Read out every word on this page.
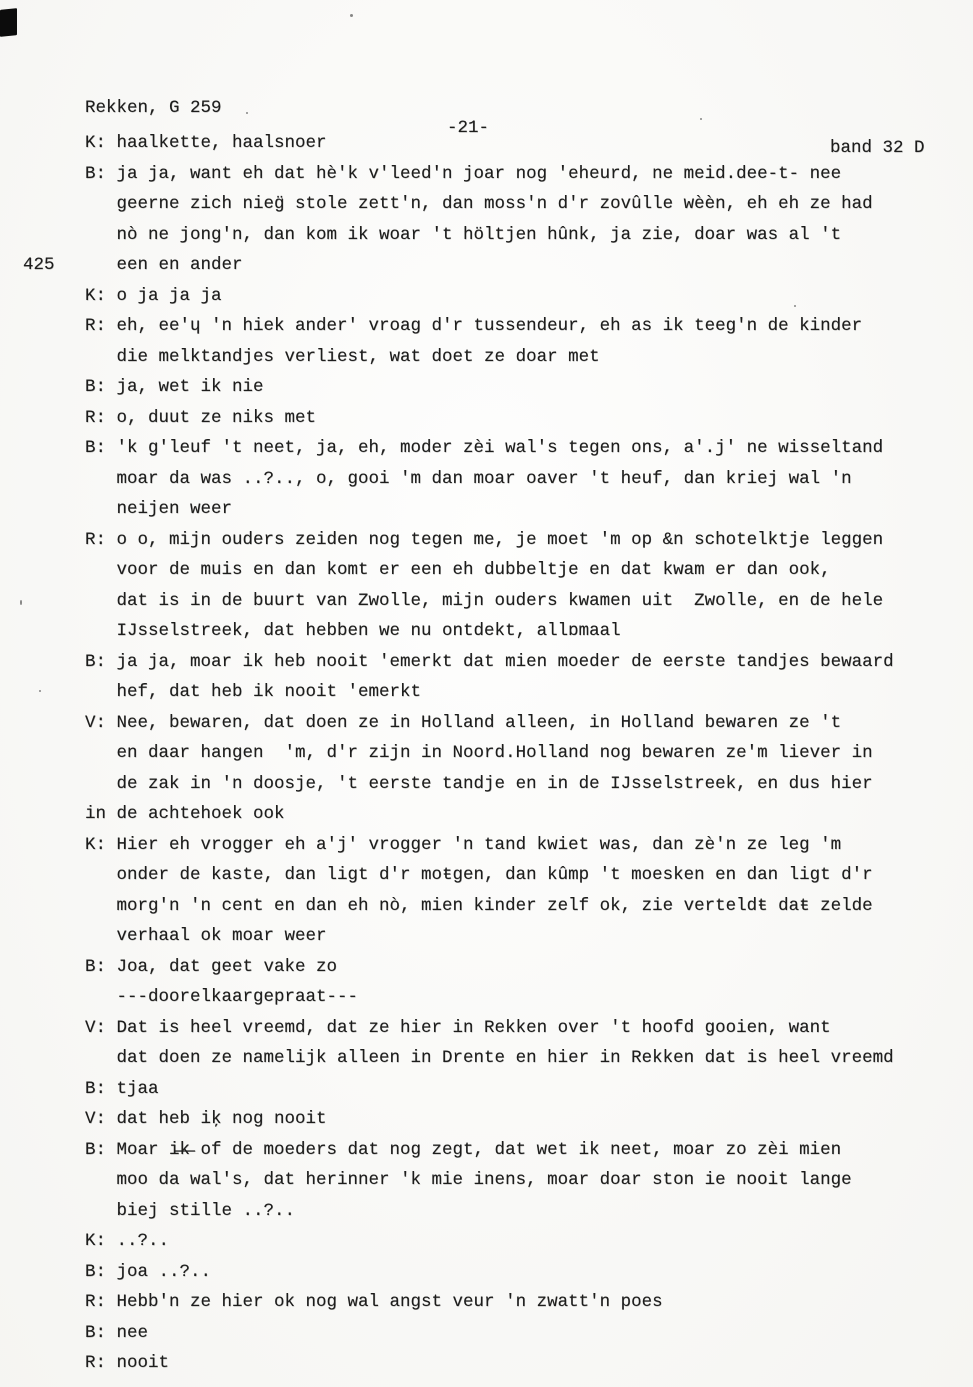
Rekken, G 259

-21-

band 32 D

K: haalkette, haalsnoer
B: ja ja, want eh dat hè'k v'leed'n joar nog 'eheurd, ne meid.dee-t- nee
geerne zich nieg̈ stole zett'n, dan moss'n d'r zovûlle wèèn, eh eh ze had
nò ne jong'n, dan kom ik woar 't höltjen hûnk, ja zie, doar was al 't
425	een en ander
K: o ja ja ja
R: eh, ee'ɥ 'n hiek ander' vroag d'r tussendeur, eh as ik teeg'n de kinder
die melktandjes verliest, wat doet ze doar met
B: ja, wet ik nie
R: o, duut ze niks met
B: 'k g'leuf 't neet, ja, eh, moder zèi wal's tegen ons, a'.j' ne wisseltand
moar da was ..?.., o, gooi 'm dan moar oaver 't heuf, dan kriej wal 'n
neijen weer
R: o o, mijn ouders zeiden nog tegen me, je moet 'm op &n schotelktje leggen
voor de muis en dan komt er een eh dubbeltje en dat kwam er dan ook,
dat is in de buurt van Zwolle, mijn ouders kwamen uit  Zwolle, en de hele
IJsselstreek, dat hebben we nu ontdekt, allɒmaal
B: ja ja, moar ik heb nooit 'emerkt dat mien moeder de eerste tandjes bewaard
hef, dat heb ik nooit 'emerkt
V: Nee, bewaren, dat doen ze in Holland alleen, in Holland bewaren ze 't
en daar hangen  'm, d'r zijn in Noord.Holland nog bewaren ze'm liever in
de zak in 'n doosje, 't eerste tandje en in de IJsselstreek, en dus hier
in de achtehoek ook
K: Hier eh vrogger eh a'j' vrogger 'n tand kwiet was, dan zè'n ze leg 'm
onder de kaste, dan ligt d'r moŧgen, dan kûmp 't moesken en dan ligt d'r
morg'n 'n cent en dan eh nò, mien kinder zelf ok, zie verteldŧ daŧ zelde
verhaal ok moar weer
B: Joa, dat geet vake zo
---doorelkaargepraat---
V: Dat is heel vreemd, dat ze hier in Rekken over 't hoofd gooien, want
dat doen ze namelijk alleen in Drente en hier in Rekken dat is heel vreemd
B: tjaa
V: dat heb iķ nog nooit
B: Moar i̶k̶ of de moeders dat nog zegt, dat wet ik neet, moar zo zèi mien
moo da wal's, dat herinner 'k mie inens, moar doar ston ie nooit lange
biej stille ..?..
K: ..?..
B: joa ..?..
R: Hebb'n ze hier ok nog wal angst veur 'n zwatt'n poes
B: nee
R: nooit
